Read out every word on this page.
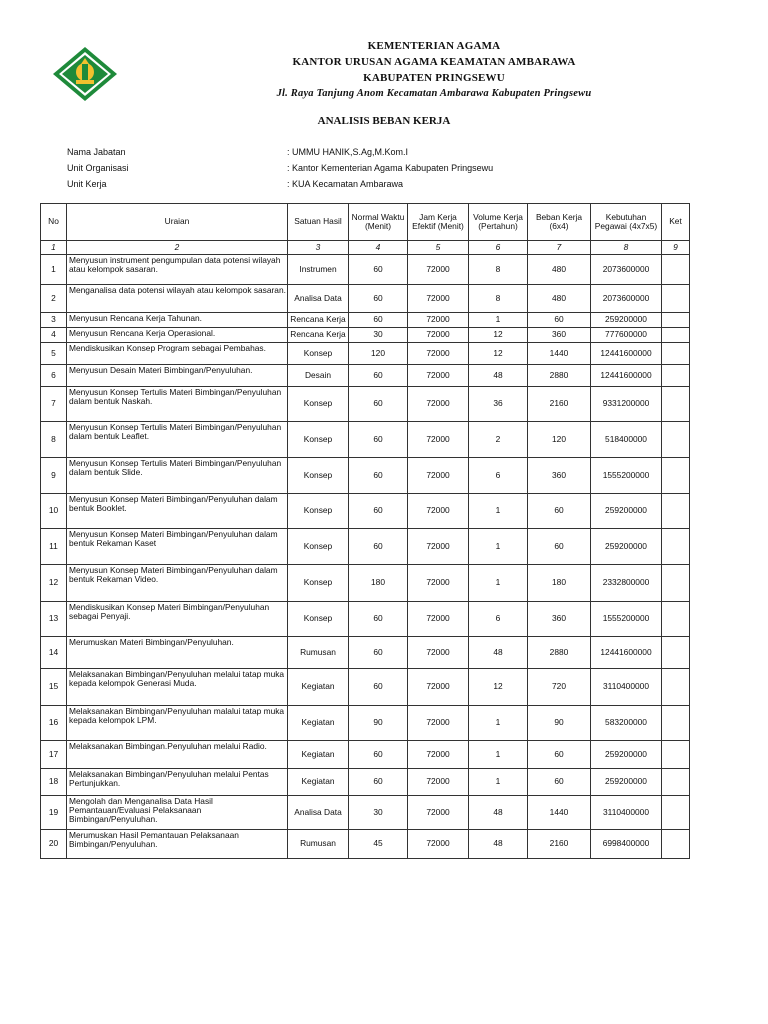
KEMENTERIAN AGAMA
KANTOR URUSAN AGAMA KEAMATAN AMBARAWA
KABUPATEN PRINGSEWU
Jl. Raya Tanjung Anom Kecamatan Ambarawa Kabupaten Pringsewu
ANALISIS BEBAN KERJA
Nama Jabatan	: UMMU HANIK,S.Ag,M.Kom.I
Unit Organisasi	: Kantor Kementerian Agama Kabupaten Pringsewu
Unit Kerja	: KUA Kecamatan Ambarawa
No	Uraian	Satuan Hasil	Normal Waktu (Menit)	Jam Kerja Efektif (Menit)	Volume Kerja (Pertahun)	Beban Kerja (6x4)	Kebutuhan Pegawai (4x7x5)	Ket
1	2	3	4	5	6	7	8	9
1	Menyusun instrument pengumpulan data potensi wilayah atau kelompok sasaran.	Instrumen	60	72000	8	480	2073600000	
2	Menganalisa data potensi wilayah atau kelompok sasaran.	Analisa Data	60	72000	8	480	2073600000	
3	Menyusun Rencana Kerja Tahunan.	Rencana Kerja	60	72000	1	60	259200000	
4	Menyusun Rencana Kerja Operasional.	Rencana Kerja	30	72000	12	360	777600000	
5	Mendiskusikan Konsep Program sebagai Pembahas.	Konsep	120	72000	12	1440	12441600000	
6	Menyusun Desain Materi Bimbingan/Penyuluhan.	Desain	60	72000	48	2880	12441600000	
7	Menyusun Konsep Tertulis Materi Bimbingan/Penyuluhan dalam bentuk Naskah.	Konsep	60	72000	36	2160	9331200000	
8	Menyusun Konsep Tertulis Materi Bimbingan/Penyuluhan dalam bentuk Leaflet.	Konsep	60	72000	2	120	518400000	
9	Menyusun Konsep Tertulis Materi Bimbingan/Penyuluhan dalam bentuk Slide.	Konsep	60	72000	6	360	1555200000	
10	Menyusun Konsep Materi Bimbingan/Penyuluhan dalam bentuk Booklet.	Konsep	60	72000	1	60	259200000	
11	Menyusun Konsep Materi Bimbingan/Penyuluhan dalam bentuk Rekaman Kaset	Konsep	60	72000	1	60	259200000	
12	Menyusun Konsep Materi Bimbingan/Penyuluhan dalam bentuk Rekaman Video.	Konsep	180	72000	1	180	2332800000	
13	Mendiskusikan Konsep Materi Bimbingan/Penyuluhan sebagai Penyaji.	Konsep	60	72000	6	360	1555200000	
14	Merumuskan Materi Bimbingan/Penyuluhan.	Rumusan	60	72000	48	2880	12441600000	
15	Melaksanakan Bimbingan/Penyuluhan melalui tatap muka kepada kelompok Generasi Muda.	Kegiatan	60	72000	12	720	3110400000	
16	Melaksanakan Bimbingan/Penyuluhan malalui tatap muka kepada kelompok LPM.	Kegiatan	90	72000	1	90	583200000	
17	Melaksanakan Bimbingan.Penyuluhan melalui Radio.	Kegiatan	60	72000	1	60	259200000	
18	Melaksanakan Bimbingan/Penyuluhan melalui Pentas Pertunjukkan.	Kegiatan	60	72000	1	60	259200000	
19	Mengolah dan Menganalisa Data Hasil Pemantauan/Evaluasi Pelaksanaan Bimbingan/Penyuluhan.	Analisa Data	30	72000	48	1440	3110400000	
20	Merumuskan Hasil Pemantauan Pelaksanaan Bimbingan/Penyuluhan.	Rumusan	45	72000	48	2160	6998400000	
